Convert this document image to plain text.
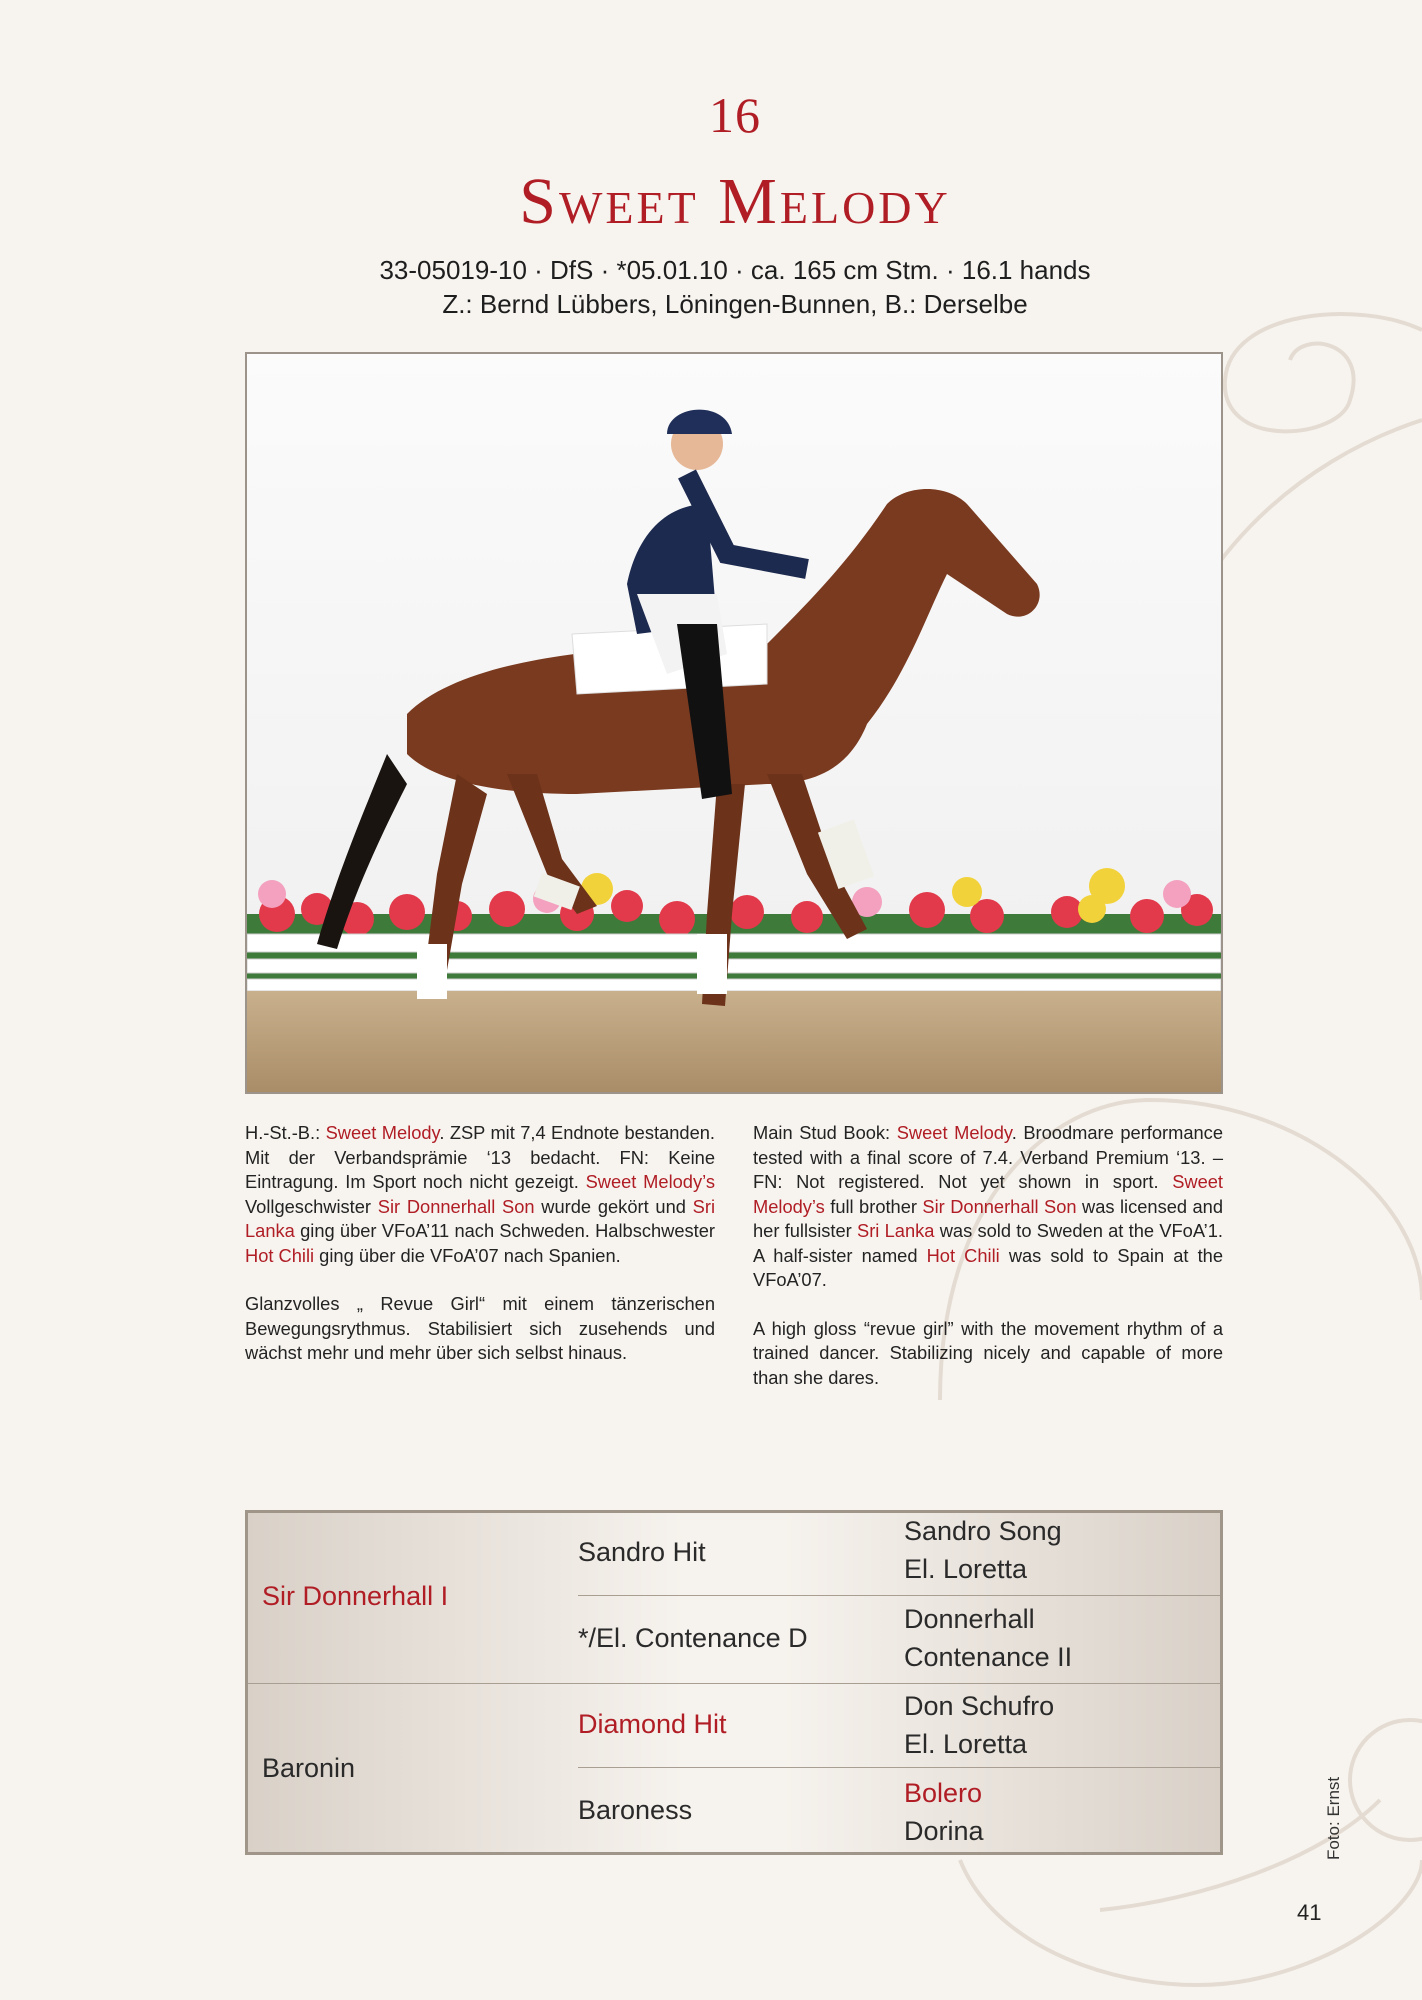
16
Sweet Melody
33-05019-10 · DfS · *05.01.10 · ca. 165 cm Stm. · 16.1 hands
Z.: Bernd Lübbers, Löningen-Bunnen, B.: Derselbe

H.-St.-B.: Sweet Melody. ZSP mit 7,4 Endnote bestanden. Mit der Verbandsprämie ‘13 bedacht. FN: Keine Eintragung. Im Sport noch nicht gezeigt. Sweet Melody’s Vollgeschwister Sir Donnerhall Son wurde gekört und Sri Lanka ging über VFoA’11 nach Schweden. Halbschwester Hot Chili ging über die VFoA’07 nach Spanien.

Glanzvolles „ Revue Girl“ mit einem tänzerischen Bewegungsrythmus. Stabilisiert sich zusehends und wächst mehr und mehr über sich selbst hinaus.

Main Stud Book: Sweet Melody. Broodmare performance tested with a final score of 7.4. Verband Premium ‘13. – FN: Not registered. Not yet shown in sport. Sweet Melody’s full brother Sir Donnerhall Son was licensed and her fullsister Sri Lanka was sold to Sweden at the VFoA’1. A half-sister named Hot Chili was sold to Spain at the VFoA’07.

A high gloss “revue girl” with the movement rhythm of a trained dancer. Stabilizing nicely and capable of more than she dares.

Sir Donnerhall I
Baronin
Sandro Hit
*/El. Contenance D
Diamond Hit
Baroness
Sandro Song
El. Loretta
Donnerhall
Contenance II
Don Schufro
El. Loretta
Bolero
Dorina	Foto: Ernst
41
